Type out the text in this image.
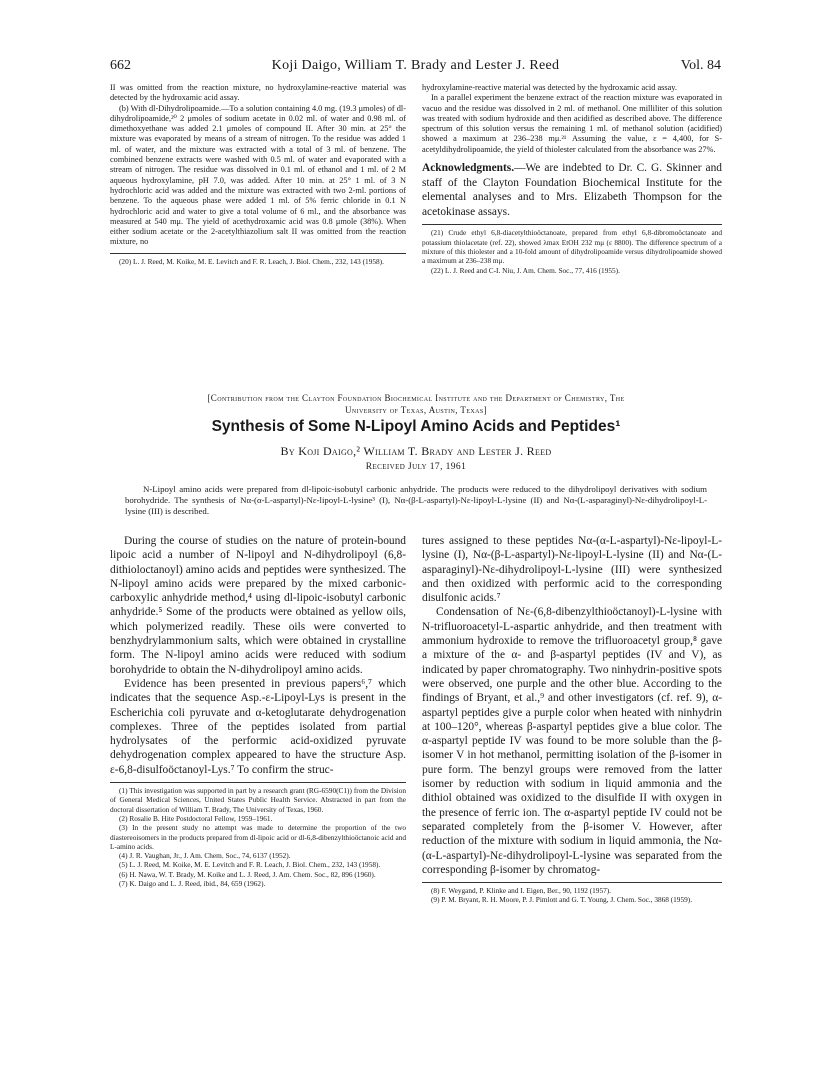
662	Koji Daigo, William T. Brady and Lester J. Reed	Vol. 84

II was omitted from the reaction mixture, no hydroxylamine-reactive material was detected by the hydroxamic acid assay.

(b) With dl-Dihydrolipoamide.—To a solution containing 4.0 mg. (19.3 μmoles) of dl-dihydrolipoamide,²⁰ 2 μmoles of sodium acetate in 0.02 ml. of water and 0.98 ml. of dimethoxyethane was added 2.1 μmoles of compound II. After 30 min. at 25° the mixture was evaporated by means of a stream of nitrogen. To the residue was added 1 ml. of water, and the mixture was extracted with a total of 3 ml. of benzene. The combined benzene extracts were washed with 0.5 ml. of water and evaporated with a stream of nitrogen. The residue was dissolved in 0.1 ml. of ethanol and 1 ml. of 2 M aqueous hydroxylamine, pH 7.0, was added. After 10 min. at 25° 1 ml. of 3 N hydrochloric acid was added and the mixture was extracted with two 2-ml. portions of benzene. To the aqueous phase were added 1 ml. of 5% ferric chloride in 0.1 N hydrochloric acid and water to give a total volume of 6 ml., and the absorbance was measured at 540 mμ. The yield of acethydroxamic acid was 0.8 μmole (38%). When either sodium acetate or the 2-acetylthiazolium salt II was omitted from the reaction mixture, no

(20) L. J. Reed, M. Koike, M. E. Levitch and F. R. Leach, J. Biol. Chem., 232, 143 (1958).

hydroxylamine-reactive material was detected by the hydroxamic acid assay.

In a parallel experiment the benzene extract of the reaction mixture was evaporated in vacuo and the residue was dissolved in 2 ml. of methanol. One milliliter of this solution was treated with sodium hydroxide and then acidified as described above. The difference spectrum of this solution versus the remaining 1 ml. of methanol solution (acidified) showed a maximum at 236–238 mμ.²¹ Assuming the value, ε = 4,400, for S-acetyldihydrolipoamide, the yield of thiolester calculated from the absorbance was 27%.

Acknowledgments.—We are indebted to Dr. C. G. Skinner and staff of the Clayton Foundation Biochemical Institute for the elemental analyses and to Mrs. Elizabeth Thompson for the acetokinase assays.

(21) Crude ethyl 6,8-diacetylthioöctanoate, prepared from ethyl 6,8-dibromoöctanoate and potassium thiolacetate (ref. 22), showed λmax EtOH 232 mμ (ε 8800). The difference spectrum of a mixture of this thiolester and a 10-fold amount of dihydrolipoamide versus dihydrolipoamide showed a maximum at 236–238 mμ.

(22) L. J. Reed and C-I. Niu, J. Am. Chem. Soc., 77, 416 (1955).

[Contribution from the Clayton Foundation Biochemical Institute and the Department of Chemistry, The
University of Texas, Austin, Texas]

Synthesis of Some N-Lipoyl Amino Acids and Peptides¹

By Koji Daigo,² William T. Brady and Lester J. Reed

Received July 17, 1961

N-Lipoyl amino acids were prepared from dl-lipoic-isobutyl carbonic anhydride. The products were reduced to the dihydrolipoyl derivatives with sodium borohydride. The synthesis of Nα-(α-L-aspartyl)-Nε-lipoyl-L-lysine³ (I), Nα-(β-L-aspartyl)-Nε-lipoyl-L-lysine (II) and Nα-(L-asparaginyl)-Nε-dihydrolipoyl-L-lysine (III) is described.

During the course of studies on the nature of protein-bound lipoic acid a number of N-lipoyl and N-dihydrolipoyl (6,8-dithioloctanoyl) amino acids and peptides were synthesized. The N-lipoyl amino acids were prepared by the mixed carbonic-carboxylic anhydride method,⁴ using dl-lipoic-isobutyl carbonic anhydride.⁵ Some of the products were obtained as yellow oils, which polymerized readily. These oils were converted to benzhydrylammonium salts, which were obtained in crystalline form. The N-lipoyl amino acids were reduced with sodium borohydride to obtain the N-dihydrolipoyl amino acids.

Evidence has been presented in previous papers⁶,⁷ which indicates that the sequence Asp.-ε-Lipoyl-Lys is present in the Escherichia coli pyruvate and α-ketoglutarate dehydrogenation complexes. Three of the peptides isolated from partial hydrolysates of the performic acid-oxidized pyruvate dehydrogenation complex appeared to have the structure Asp. ε-6,8-disulfoöctanoyl-Lys.⁷ To confirm the struc-

(1) This investigation was supported in part by a research grant (RG-6590(C1)) from the Division of General Medical Sciences, United States Public Health Service. Abstracted in part from the doctoral dissertation of William T. Brady, The University of Texas, 1960.

(2) Rosalie B. Hite Postdoctoral Fellow, 1959–1961.

(3) In the present study no attempt was made to determine the proportion of the two diastereoisomers in the products prepared from dl-lipoic acid or dl-6,8-dibenzylthioöctanoic acid and L-amino acids.

(4) J. R. Vaughan, Jr., J. Am. Chem. Soc., 74, 6137 (1952).

(5) L. J. Reed, M. Koike, M. E. Levitch and F. R. Leach, J. Biol. Chem., 232, 143 (1958).

(6) H. Nawa, W. T. Brady, M. Koike and L. J. Reed, J. Am. Chem. Soc., 82, 896 (1960).

(7) K. Daigo and L. J. Reed, ibid., 84, 659 (1962).

tures assigned to these peptides Nα-(α-L-aspartyl)-Nε-lipoyl-L-lysine (I), Nα-(β-L-aspartyl)-Nε-lipoyl-L-lysine (II) and Nα-(L-asparaginyl)-Nε-dihydrolipoyl-L-lysine (III) were synthesized and then oxidized with performic acid to the corresponding disulfonic acids.⁷

Condensation of Nε-(6,8-dibenzylthioöctanoyl)-L-lysine with N-trifluoroacetyl-L-aspartic anhydride, and then treatment with ammonium hydroxide to remove the trifluoroacetyl group,⁸ gave a mixture of the α- and β-aspartyl peptides (IV and V), as indicated by paper chromatography. Two ninhydrin-positive spots were observed, one purple and the other blue. According to the findings of Bryant, et al.,⁹ and other investigators (cf. ref. 9), α-aspartyl peptides give a purple color when heated with ninhydrin at 100–120°, whereas β-aspartyl peptides give a blue color. The α-aspartyl peptide IV was found to be more soluble than the β-isomer V in hot methanol, permitting isolation of the β-isomer in pure form. The benzyl groups were removed from the latter isomer by reduction with sodium in liquid ammonia and the dithiol obtained was oxidized to the disulfide II with oxygen in the presence of ferric ion. The α-aspartyl peptide IV could not be separated completely from the β-isomer V. However, after reduction of the mixture with sodium in liquid ammonia, the Nα-(α-L-aspartyl)-Nε-dihydrolipoyl-L-lysine was separated from the corresponding β-isomer by chromatog-

(8) F. Weygand, P. Klinke and I. Eigen, Ber., 90, 1192 (1957).

(9) P. M. Bryant, R. H. Moore, P. J. Pimlott and G. T. Young, J. Chem. Soc., 3868 (1959).
